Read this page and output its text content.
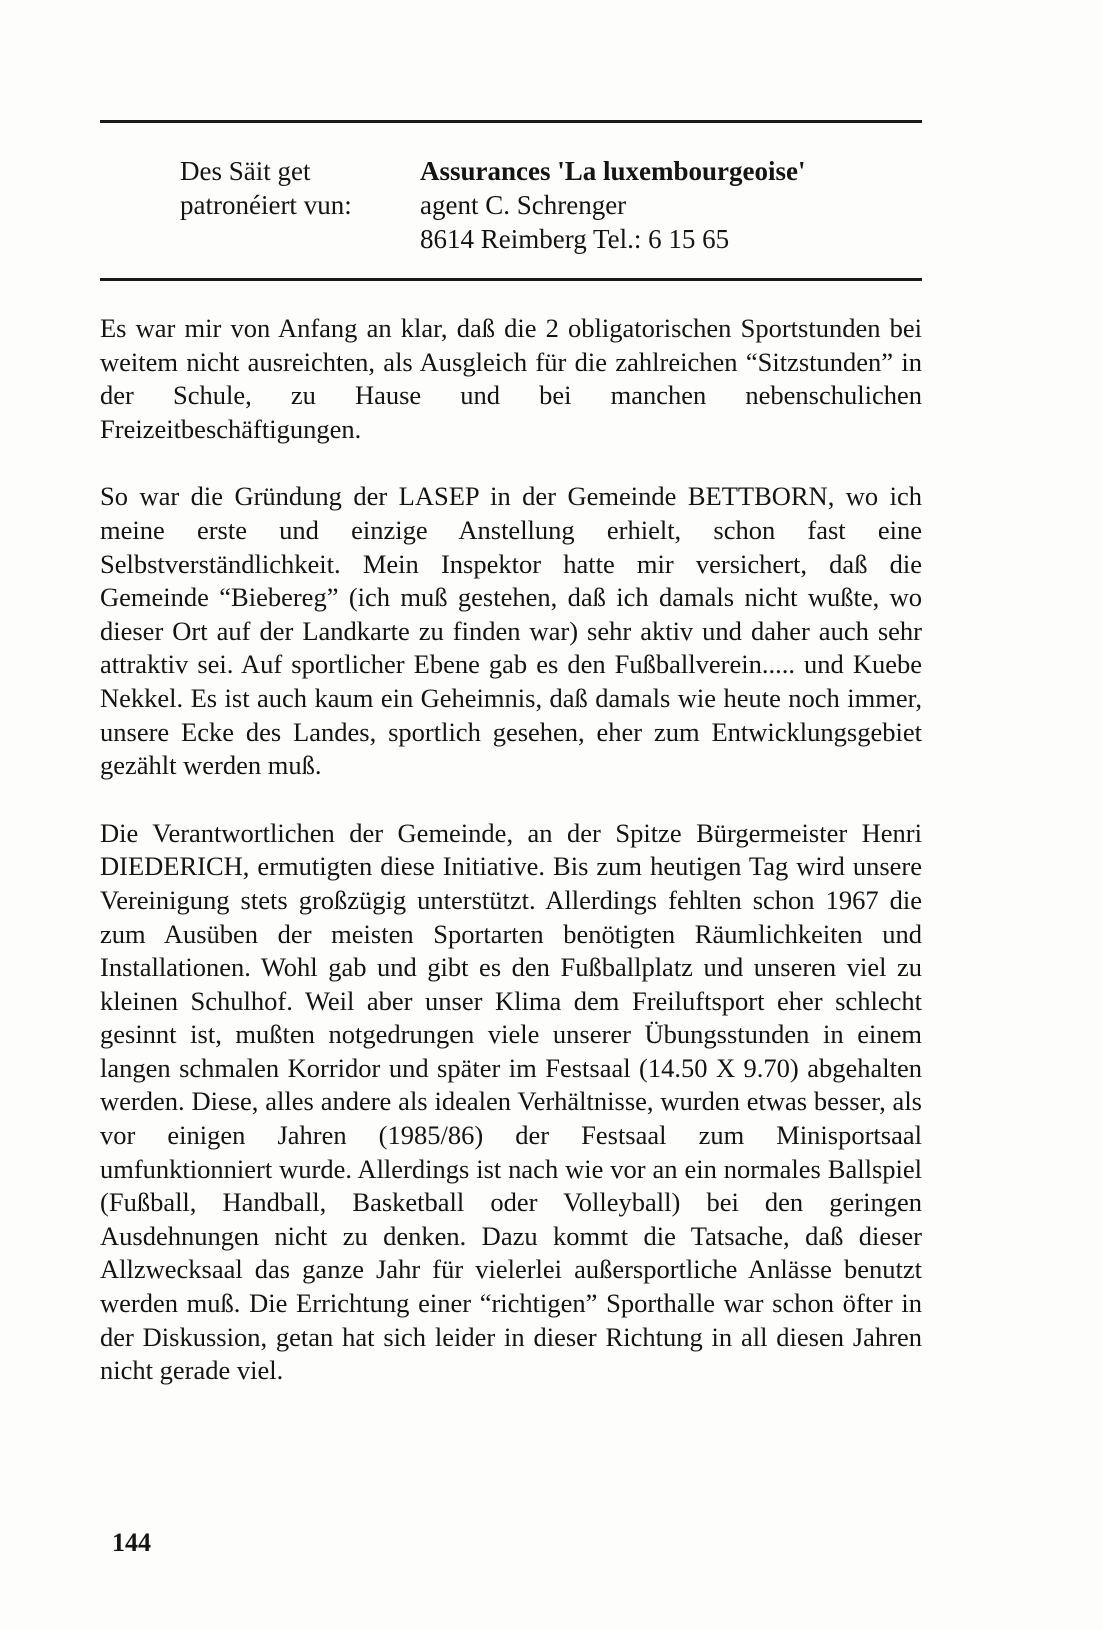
Des Säit get
patronéiert vun:
Assurances 'La luxembourgeoise'
agent C. Schrenger
8614 Reimberg Tel.: 6 15 65

Es war mir von Anfang an klar, daß die 2 obligatorischen Sportstunden bei weitem nicht ausreichten, als Ausgleich für die zahlreichen “Sitzstunden” in der Schule, zu Hause und bei manchen nebenschulichen Freizeitbeschäftigungen.

So war die Gründung der LASEP in der Gemeinde BETTBORN, wo ich meine erste und einzige Anstellung erhielt, schon fast eine Selbstverständlichkeit. Mein Inspektor hatte mir versichert, daß die Gemeinde “Biebereg” (ich muß gestehen, daß ich damals nicht wußte, wo dieser Ort auf der Landkarte zu finden war) sehr aktiv und daher auch sehr attraktiv sei. Auf sportlicher Ebene gab es den Fußballverein..... und Kuebe Nekkel. Es ist auch kaum ein Geheimnis, daß damals wie heute noch immer, unsere Ecke des Landes, sportlich gesehen, eher zum Entwicklungsgebiet gezählt werden muß.

Die Verantwortlichen der Gemeinde, an der Spitze Bürgermeister Henri DIEDERICH, ermutigten diese Initiative. Bis zum heutigen Tag wird unsere Vereinigung stets großzügig unterstützt. Allerdings fehlten schon 1967 die zum Ausüben der meisten Sportarten benötigten Räumlichkeiten und Installationen. Wohl gab und gibt es den Fußballplatz und unseren viel zu kleinen Schulhof. Weil aber unser Klima dem Freiluftsport eher schlecht gesinnt ist, mußten notgedrungen viele unserer Übungsstunden in einem langen schmalen Korridor und später im Festsaal (14.50 X 9.70) abgehalten werden. Diese, alles andere als idealen Verhältnisse, wurden etwas besser, als vor einigen Jahren (1985/86) der Festsaal zum Minisportsaal umfunktionniert wurde. Allerdings ist nach wie vor an ein normales Ballspiel (Fußball, Handball, Basketball oder Volleyball) bei den geringen Ausdehnungen nicht zu denken. Dazu kommt die Tatsache, daß dieser Allzwecksaal das ganze Jahr für vielerlei außersportliche Anlässe benutzt werden muß. Die Errichtung einer “richtigen” Sporthalle war schon öfter in der Diskussion, getan hat sich leider in dieser Richtung in all diesen Jahren nicht gerade viel.

144
